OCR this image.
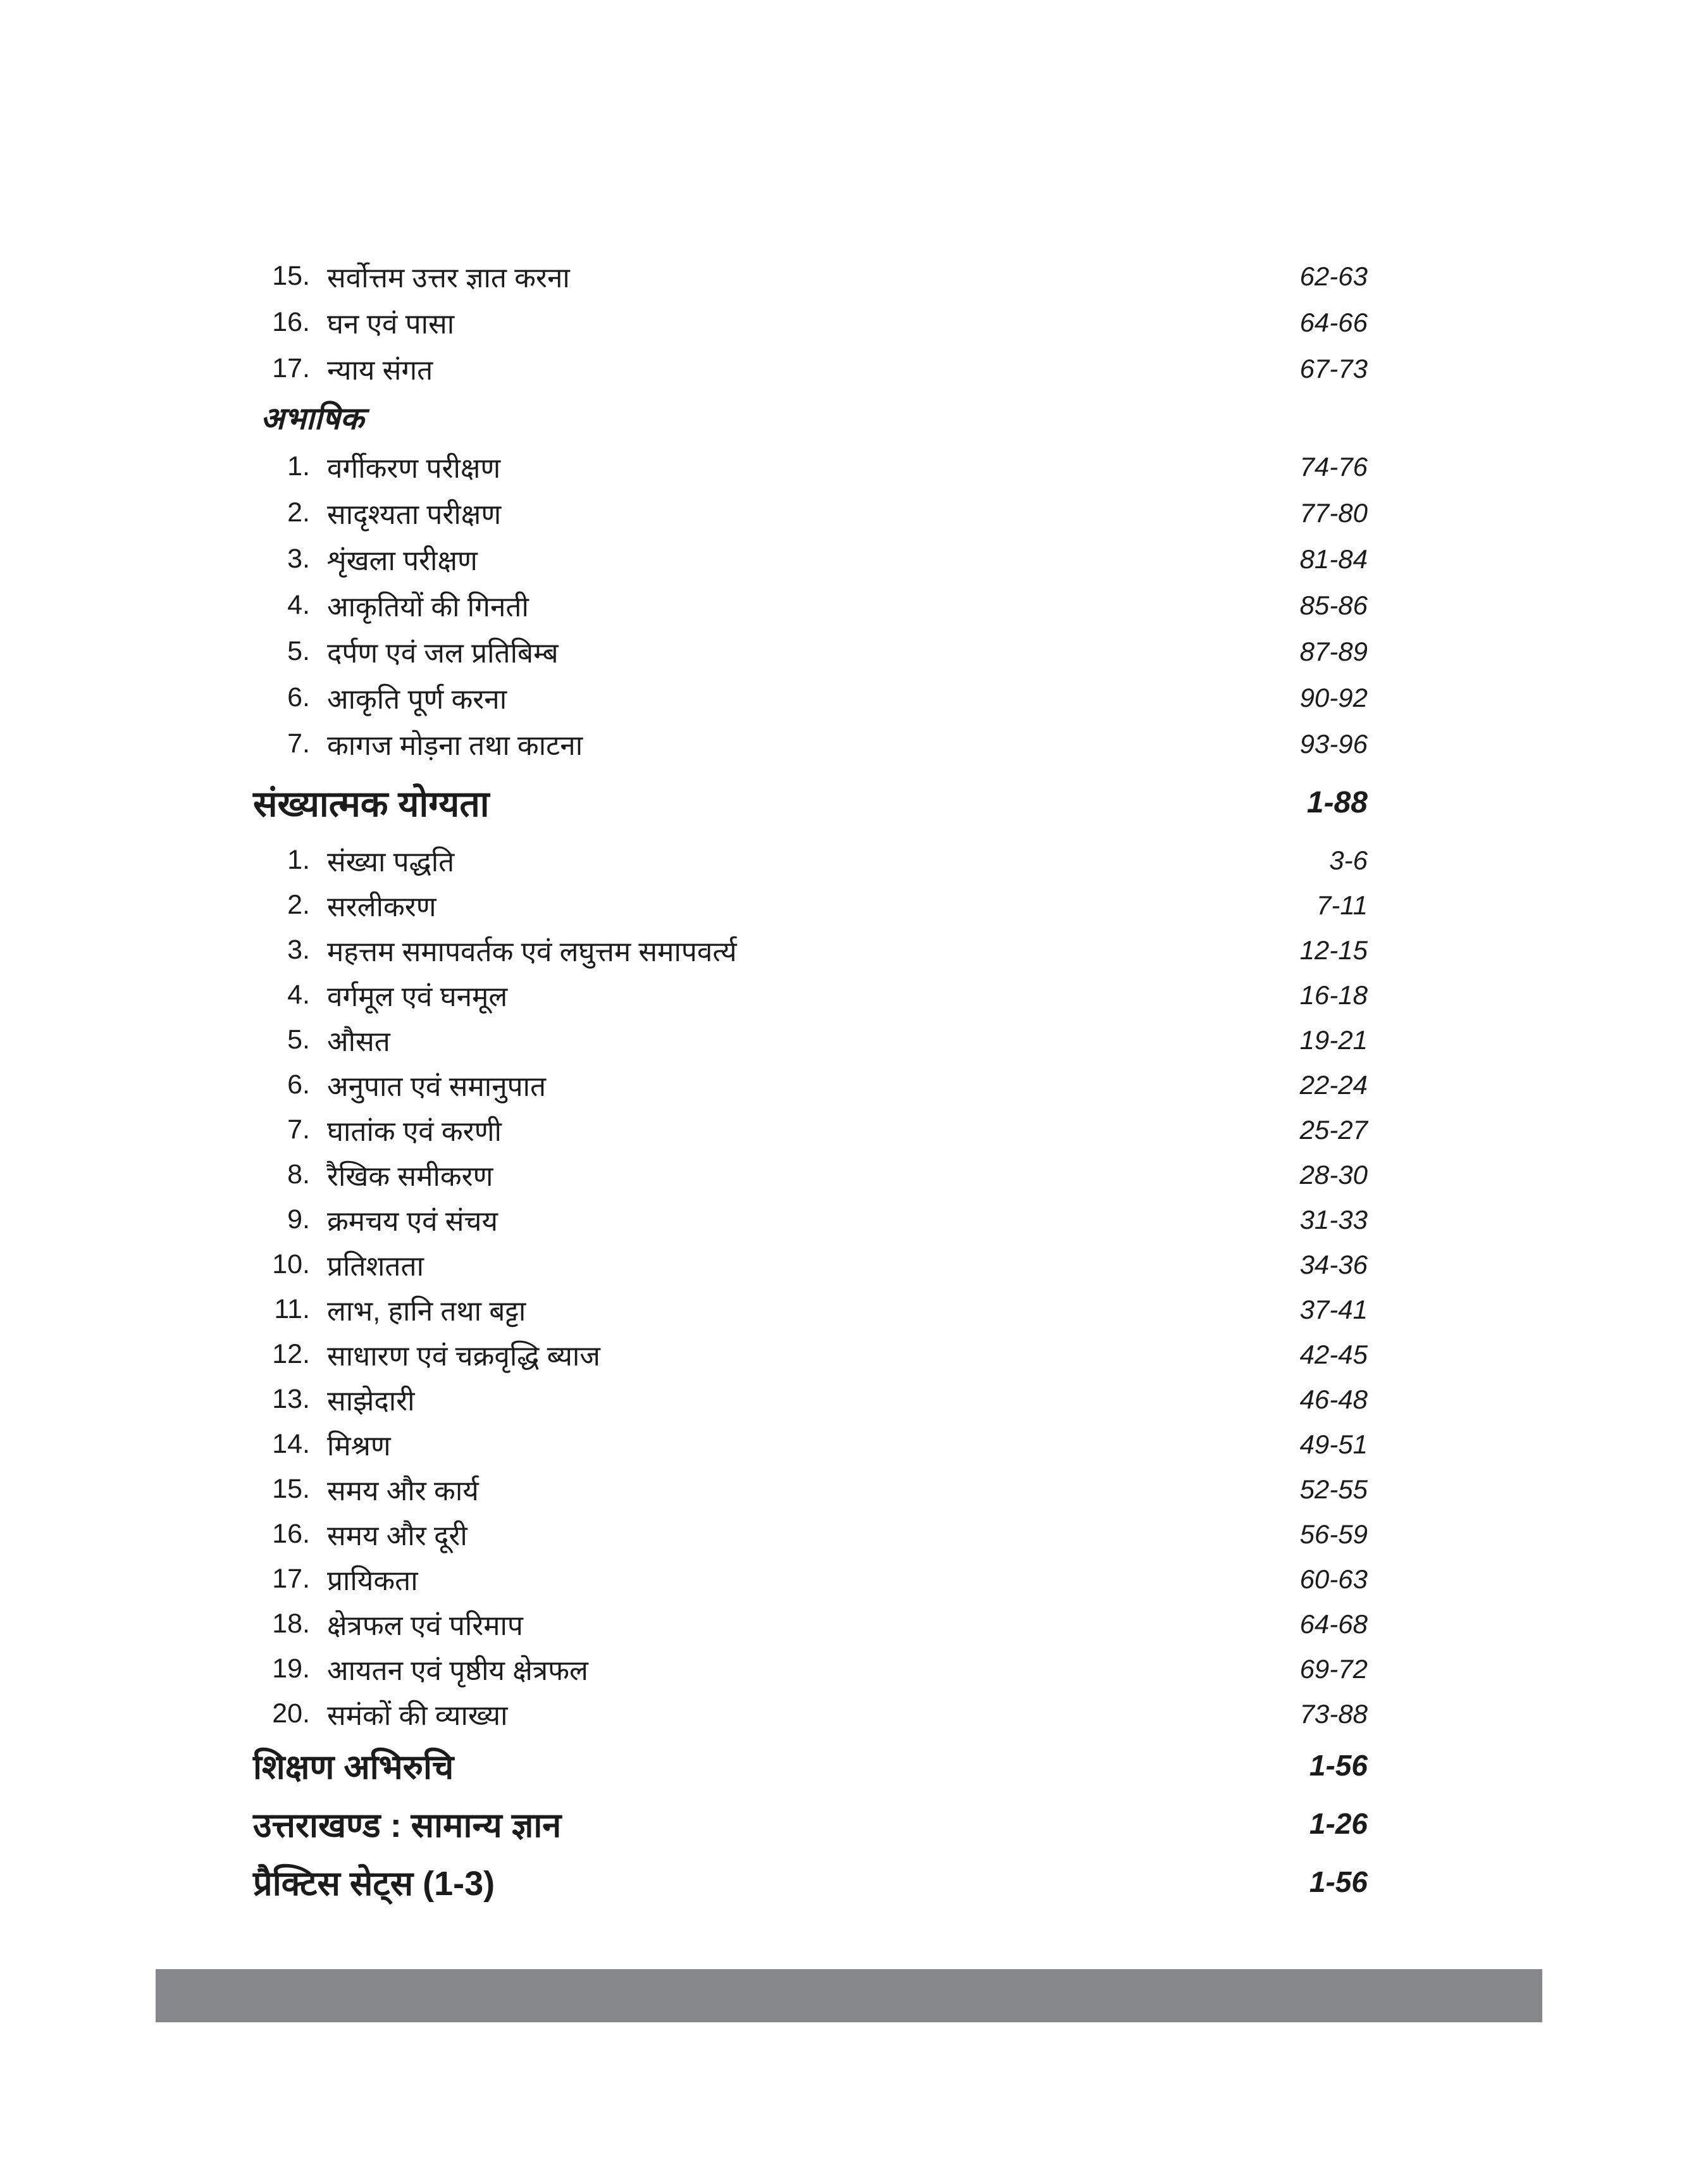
15. सर्वोत्तम उत्तर ज्ञात करना	62-63
16. घन एवं पासा	64-66
17. न्याय संगत	67-73
अभाषिक
1. वर्गीकरण परीक्षण	74-76
2. सादृश्यता परीक्षण	77-80
3. शृंखला परीक्षण	81-84
4. आकृतियों की गिनती	85-86
5. दर्पण एवं जल प्रतिबिम्ब	87-89
6. आकृति पूर्ण करना	90-92
7. कागज मोड़ना तथा काटना	93-96
संख्यात्मक योग्यता	1-88
1. संख्या पद्धति	3-6
2. सरलीकरण	7-11
3. महत्तम समापवर्तक एवं लघुत्तम समापवर्त्य	12-15
4. वर्गमूल एवं घनमूल	16-18
5. औसत	19-21
6. अनुपात एवं समानुपात	22-24
7. घातांक एवं करणी	25-27
8. रैखिक समीकरण	28-30
9. क्रमचय एवं संचय	31-33
10. प्रतिशतता	34-36
11. लाभ, हानि तथा बट्टा	37-41
12. साधारण एवं चक्रवृद्धि ब्याज	42-45
13. साझेदारी	46-48
14. मिश्रण	49-51
15. समय और कार्य	52-55
16. समय और दूरी	56-59
17. प्रायिकता	60-63
18. क्षेत्रफल एवं परिमाप	64-68
19. आयतन एवं पृष्ठीय क्षेत्रफल	69-72
20. समंकों की व्याख्या	73-88
शिक्षण अभिरुचि	1-56
उत्तराखण्ड : सामान्य ज्ञान	1-26
प्रैक्टिस सेट्स (1-3)	1-56
